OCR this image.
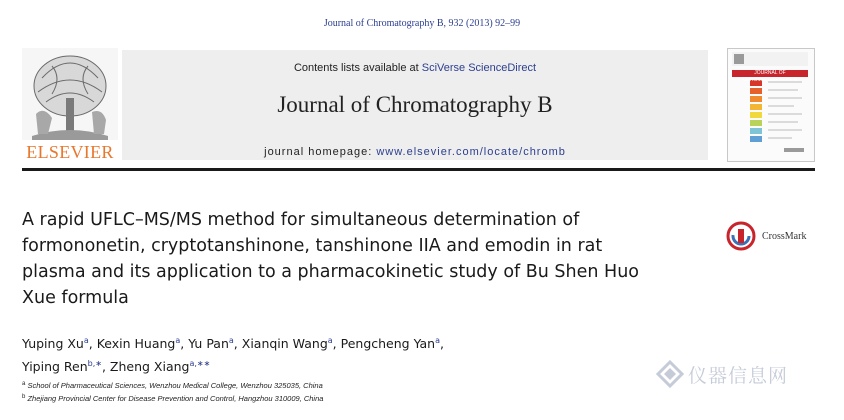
Journal of Chromatography B, 932 (2013) 92–99
ELSEVIER
Contents lists available at SciVerse ScienceDirect
Journal of Chromatography B
journal homepage: www.elsevier.com/locate/chromb
JOURNAL OF CHROMATOGRAPHY B
A rapid UFLC–MS/MS method for simultaneous determination of
formononetin, cryptotanshinone, tanshinone IIA and emodin in rat
plasma and its application to a pharmacokinetic study of Bu Shen Huo
Xue formula
CrossMark
Yuping Xu$^a$, Kexin Huang$^a$, Yu Pan$^a$, Xianqin Wang$^a$, Pengcheng Yan$^a$,
Yiping Ren$^{b,∗}$, Zheng Xiang$^{a,∗∗}$
$^a$ School of Pharmaceutical Sciences, Wenzhou Medical College, Wenzhou 325035, China
$^b$ Zhejiang Provincial Center for Disease Prevention and Control, Hangzhou 310009, China
仪器信息网
